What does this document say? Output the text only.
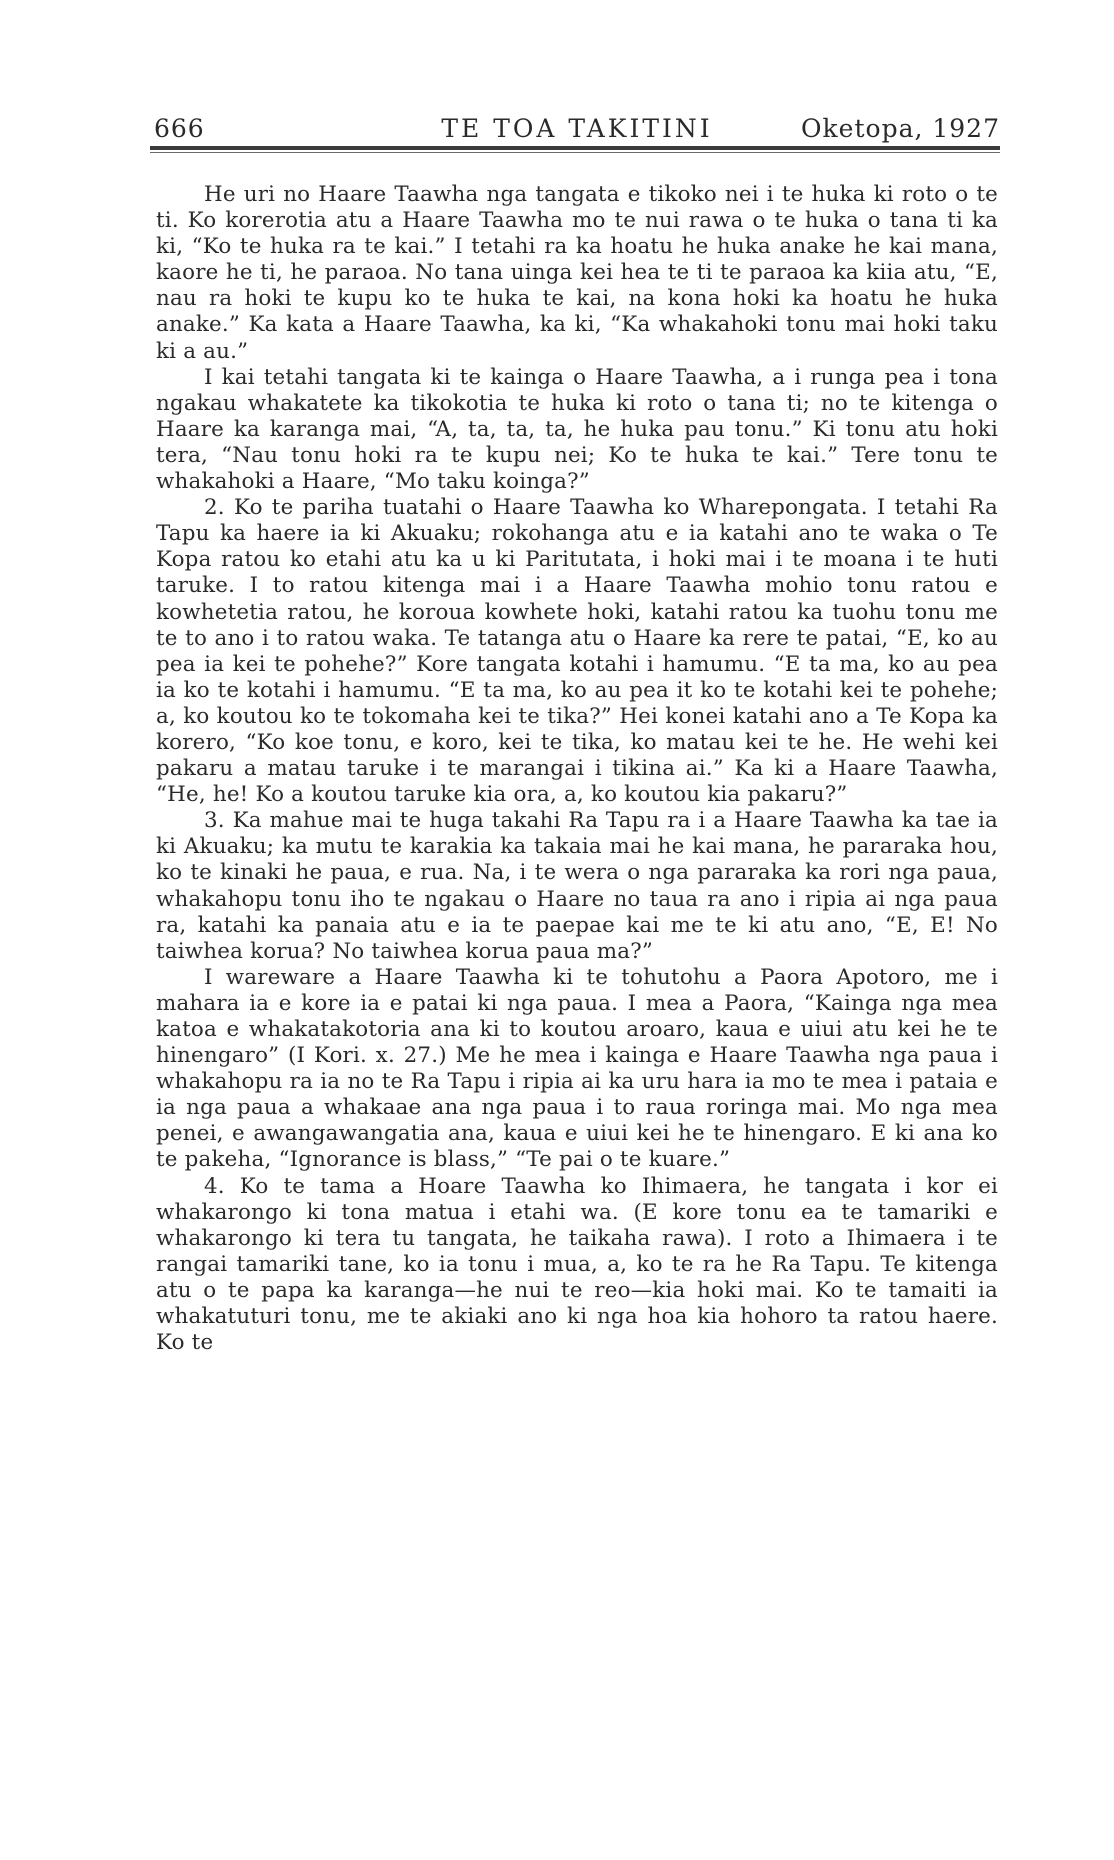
666	TE TOA TAKITINI	Oketopa, 1927

He uri no Haare Taawha nga tangata e tikoko nei i te huka ki roto o te ti. Ko korerotia atu a Haare Taawha mo te nui rawa o te huka o tana ti ka ki, “Ko te huka ra te kai.” I tetahi ra ka hoatu he huka anake he kai mana, kaore he ti, he paraoa. No tana uinga kei hea te ti te paraoa ka kiia atu, “E, nau ra hoki te kupu ko te huka te kai, na kona hoki ka hoatu he huka anake.” Ka kata a Haare Taawha, ka ki, “Ka whakahoki tonu mai hoki taku ki a au.”

I kai tetahi tangata ki te kainga o Haare Taawha, a i runga pea i tona ngakau whakatete ka tikokotia te huka ki roto o tana ti; no te kitenga o Haare ka karanga mai, “A, ta, ta, ta, he huka pau tonu.” Ki tonu atu hoki tera, “Nau tonu hoki ra te kupu nei; Ko te huka te kai.” Tere tonu te whakahoki a Haare, “Mo taku koinga?”

2. Ko te pariha tuatahi o Haare Taawha ko Wharepongata. I tetahi Ra Tapu ka haere ia ki Akuaku; rokohanga atu e ia katahi ano te waka o Te Kopa ratou ko etahi atu ka u ki Paritutata, i hoki mai i te moana i te huti taruke. I to ratou kitenga mai i a Haare Taawha mohio tonu ratou e kowhetetia ratou, he koroua kowhete hoki, katahi ratou ka tuohu tonu me te to ano i to ratou waka. Te tatanga atu o Haare ka rere te patai, “E, ko au pea ia kei te pohehe?” Kore tangata kotahi i hamumu. “E ta ma, ko au pea ia ko te kotahi i hamumu. “E ta ma, ko au pea it ko te kotahi kei te pohehe; a, ko koutou ko te tokomaha kei te tika?” Hei konei katahi ano a Te Kopa ka korero, “Ko koe tonu, e koro, kei te tika, ko matau kei te he. He wehi kei pakaru a matau taruke i te marangai i tikina ai.” Ka ki a Haare Taawha, “He, he! Ko a koutou taruke kia ora, a, ko koutou kia pakaru?”

3. Ka mahue mai te huga takahi Ra Tapu ra i a Haare Taawha ka tae ia ki Akuaku; ka mutu te karakia ka takaia mai he kai mana, he pararaka hou, ko te kinaki he paua, e rua. Na, i te wera o nga pararaka ka rori nga paua, whakahopu tonu iho te ngakau o Haare no taua ra ano i ripia ai nga paua ra, katahi ka panaia atu e ia te paepae kai me te ki atu ano, “E, E! No taiwhea korua? No taiwhea korua paua ma?”

I wareware a Haare Taawha ki te tohutohu a Paora Apotoro, me i mahara ia e kore ia e patai ki nga paua. I mea a Paora, “Kainga nga mea katoa e whakatakotoria ana ki to koutou aroaro, kaua e uiui atu kei he te hinengaro” (I Kori. x. 27.) Me he mea i kainga e Haare Taawha nga paua i whakahopu ra ia no te Ra Tapu i ripia ai ka uru hara ia mo te mea i pataia e ia nga paua a whakaae ana nga paua i to raua roringa mai. Mo nga mea penei, e awangawangatia ana, kaua e uiui kei he te hinengaro. E ki ana ko te pakeha, “Ignorance is blass,” “Te pai o te kuare.”

4. Ko te tama a Hoare Taawha ko Ihimaera, he tangata i kor ei whakarongo ki tona matua i etahi wa. (E kore tonu ea te tamariki e whakarongo ki tera tu tangata, he taikaha rawa). I roto a Ihimaera i te rangai tamariki tane, ko ia tonu i mua, a, ko te ra he Ra Tapu. Te kitenga atu o te papa ka karanga—he nui te reo—kia hoki mai. Ko te tamaiti ia whakatuturi tonu, me te akiaki ano ki nga hoa kia hohoro ta ratou haere. Ko te
